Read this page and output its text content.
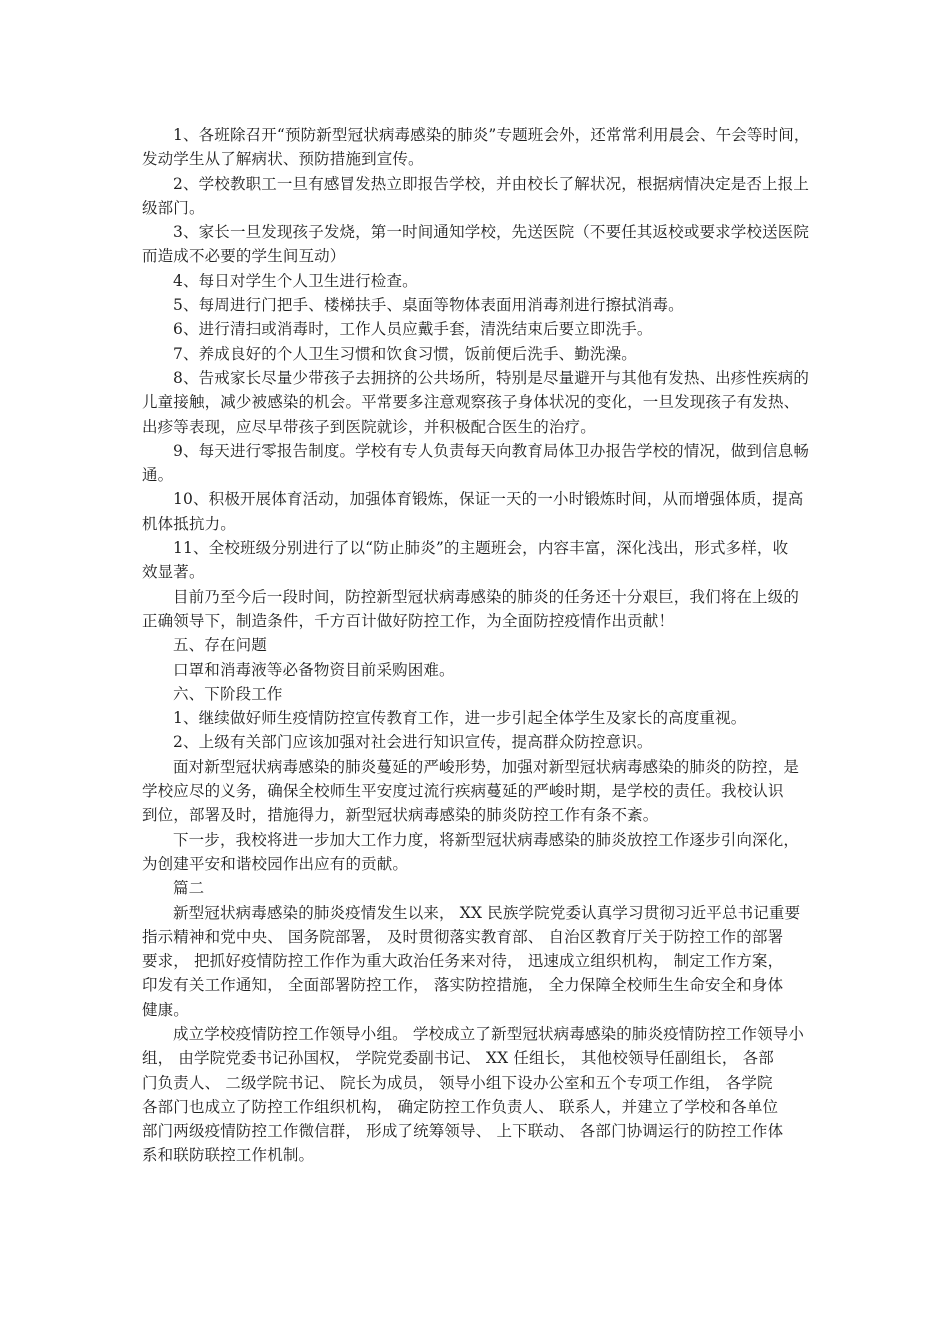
1、各班除召开“预防新型冠状病毒感染的肺炎”专题班会外，还常常利用晨会、午会等时间，
发动学生从了解病状、预防措施到宣传。

2、学校教职工一旦有感冒发热立即报告学校，并由校长了解状况，根据病情决定是否上报上
级部门。

3、家长一旦发现孩子发烧，第一时间通知学校，先送医院（不要任其返校或要求学校送医院
而造成不必要的学生间互动）

4、每日对学生个人卫生进行检查。

5、每周进行门把手、楼梯扶手、桌面等物体表面用消毒剂进行擦拭消毒。

6、进行清扫或消毒时，工作人员应戴手套，清洗结束后要立即洗手。

7、养成良好的个人卫生习惯和饮食习惯，饭前便后洗手、勤洗澡。

8、告戒家长尽量少带孩子去拥挤的公共场所，特别是尽量避开与其他有发热、出疹性疾病的
儿童接触，减少被感染的机会。平常要多注意观察孩子身体状况的变化，一旦发现孩子有发热、
出疹等表现，应尽早带孩子到医院就诊，并积极配合医生的治疗。

9、每天进行零报告制度。学校有专人负责每天向教育局体卫办报告学校的情况，做到信息畅
通。

10、积极开展体育活动，加强体育锻炼，保证一天的一小时锻炼时间，从而增强体质，提高
机体抵抗力。

11、全校班级分别进行了以“防止肺炎”的主题班会，内容丰富，深化浅出，形式多样，收
效显著。

目前乃至今后一段时间，防控新型冠状病毒感染的肺炎的任务还十分艰巨，我们将在上级的
正确领导下，制造条件，千方百计做好防控工作，为全面防控疫情作出贡献！

五、存在问题

口罩和消毒液等必备物资目前采购困难。

六、下阶段工作

1、继续做好师生疫情防控宣传教育工作，进一步引起全体学生及家长的高度重视。

2、上级有关部门应该加强对社会进行知识宣传，提高群众防控意识。

面对新型冠状病毒感染的肺炎蔓延的严峻形势，加强对新型冠状病毒感染的肺炎的防控，是
学校应尽的义务，确保全校师生平安度过流行疾病蔓延的严峻时期，是学校的责任。我校认识
到位，部署及时，措施得力，新型冠状病毒感染的肺炎防控工作有条不紊。

下一步，我校将进一步加大工作力度，将新型冠状病毒感染的肺炎放控工作逐步引向深化，
为创建平安和谐校园作出应有的贡献。

篇二

新型冠状病毒感染的肺炎疫情发生以来， XX 民族学院党委认真学习贯彻习近平总书记重要
指示精神和党中央、 国务院部署， 及时贯彻落实教育部、 自治区教育厅关于防控工作的部署
要求， 把抓好疫情防控工作作为重大政治任务来对待， 迅速成立组织机构， 制定工作方案，
印发有关工作通知， 全面部署防控工作， 落实防控措施， 全力保障全校师生生命安全和身体
健康。

成立学校疫情防控工作领导小组。 学校成立了新型冠状病毒感染的肺炎疫情防控工作领导小
组， 由学院党委书记孙国权， 学院党委副书记、 XX 任组长， 其他校领导任副组长， 各部
门负责人、 二级学院书记、 院长为成员， 领导小组下设办公室和五个专项工作组， 各学院
各部门也成立了防控工作组织机构， 确定防控工作负责人、 联系人，并建立了学校和各单位
部门两级疫情防控工作微信群， 形成了统筹领导、 上下联动、 各部门协调运行的防控工作体
系和联防联控工作机制。
